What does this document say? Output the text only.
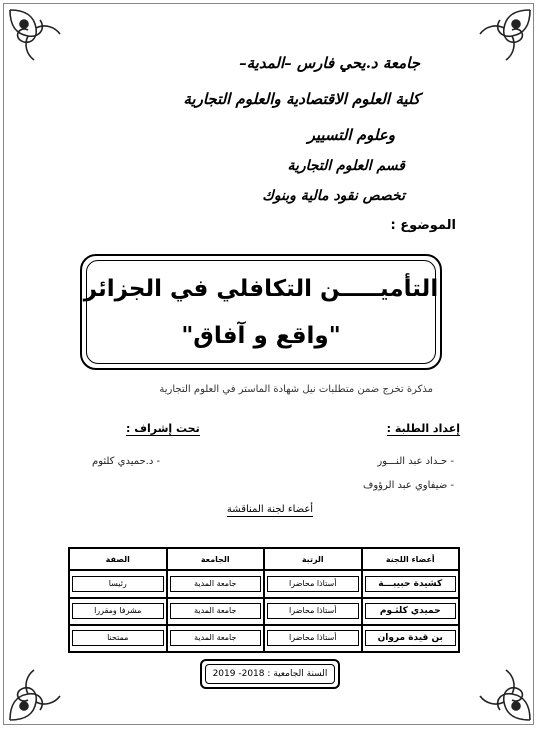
جامعة د.يحي فارس –المدية–
كلية العلوم الاقتصادية والعلوم التجارية
وعلوم التسيير
قسم العلوم التجارية
تخصص نقود مالية وبنوك
الموضوع :
التأميـــــن التكافلي في الجزائر
"واقع و آفاق"
مذكرة تخرج ضمن متطلبات نيل شهادة الماستر في العلوم التجارية
إعداد الطلبة :
تحت إشراف :
- حـداد عبد النـــور
- ضيفاوي عبد الرؤوف
- د.حميدي كلثوم
أعضاء لجنة المناقشة
أعضاء اللجنة	الرتبة	الجامعة	الصفة

كشيدة حبيبـــة	أستاذا محاضرا	جامعة المدية	رئيسا

حميدي كلثـوم	أستاذا محاضرا	جامعة المدية	مشرفا ومقررا

بن قيدة مروان	أستاذا محاضرا	جامعة المدية	ممتحنا
السنة الجامعية : 2018- 2019
